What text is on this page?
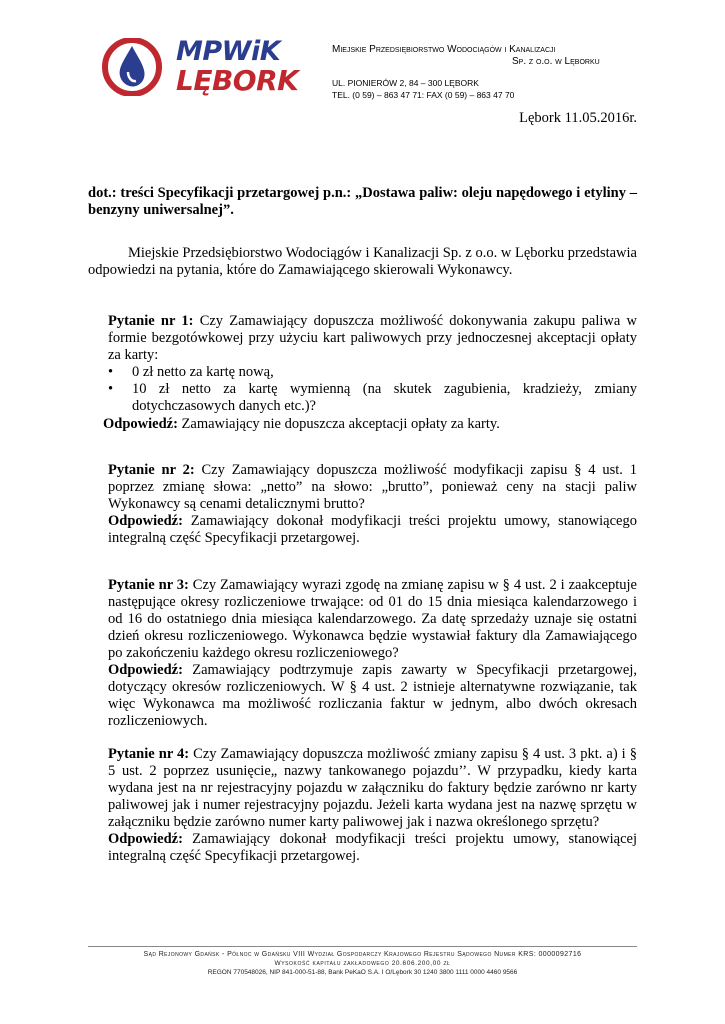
MPWiK
LĘBORK
Miejskie Przedsiębiorstwo Wodociągów i Kanalizacji
Sp. z o.o. w Lęborku
UL. PIONIERÓW 2, 84 – 300 LĘBORK
TEL. (0 59) – 863 47 71: FAX (0 59) – 863 47 70
Lębork 11.05.2016r.
dot.: treści Specyfikacji przetargowej p.n.: „Dostawa paliw: oleju napędowego i etyliny – benzyny uniwersalnej”.
Miejskie Przedsiębiorstwo Wodociągów i Kanalizacji Sp. z o.o. w Lęborku przedstawia odpowiedzi na pytania, które do Zamawiającego skierowali Wykonawcy.

Pytanie nr 1: Czy Zamawiający dopuszcza możliwość dokonywania zakupu paliwa w formie bezgotówkowej przy użyciu kart paliwowych przy jednoczesnej akceptacji opłaty za karty:

• 0 zł netto za kartę nową,
• 10 zł netto za kartę wymienną (na skutek zagubienia, kradzieży, zmiany dotychczasowych danych etc.)?
Odpowiedź: Zamawiający nie dopuszcza akceptacji opłaty za karty.

Pytanie nr 2: Czy Zamawiający dopuszcza możliwość modyfikacji zapisu § 4 ust. 1 poprzez zmianę słowa: „netto” na słowo: „brutto”, ponieważ ceny na stacji paliw Wykonawcy są cenami detalicznymi brutto?

Odpowiedź: Zamawiający dokonał modyfikacji treści projektu umowy, stanowiącego integralną część Specyfikacji przetargowej.

Pytanie nr 3: Czy Zamawiający wyrazi zgodę na zmianę zapisu w § 4 ust. 2 i zaakceptuje następujące okresy rozliczeniowe trwające: od 01 do 15 dnia miesiąca kalendarzowego i od 16 do ostatniego dnia miesiąca kalendarzowego. Za datę sprzedaży uznaje się ostatni dzień okresu rozliczeniowego. Wykonawca będzie wystawiał faktury dla Zamawiającego po zakończeniu każdego okresu rozliczeniowego?

Odpowiedź: Zamawiający podtrzymuje zapis zawarty w Specyfikacji przetargowej, dotyczący okresów rozliczeniowych. W § 4 ust. 2 istnieje alternatywne rozwiązanie, tak więc Wykonawca ma możliwość rozliczania faktur w jednym, albo dwóch okresach rozliczeniowych.

Pytanie nr 4: Czy Zamawiający dopuszcza możliwość zmiany zapisu § 4 ust. 3 pkt. a) i § 5 ust. 2 poprzez usunięcie„ nazwy tankowanego pojazdu’’. W przypadku, kiedy karta wydana jest na nr rejestracyjny pojazdu w załączniku do faktury będzie zarówno nr karty paliwowej jak i numer rejestracyjny pojazdu. Jeżeli karta wydana jest na nazwę sprzętu w załączniku będzie zarówno numer karty paliwowej jak i nazwa określonego sprzętu?

Odpowiedź: Zamawiający dokonał modyfikacji treści projektu umowy, stanowiącej integralną część Specyfikacji przetargowej.

Sąd Rejonowy Gdańsk - Północ w Gdańsku VIII Wydział Gospodarczy Krajowego Rejestru Sądowego Numer KRS: 0000092716
Wysokość kapitału zakładowego 20.606.200,00 zł
REGON 770548026, NIP 841-000-51-88, Bank PeKaO S.A. I O/Lębork 30 1240 3800 1111 0000 4460 9566
